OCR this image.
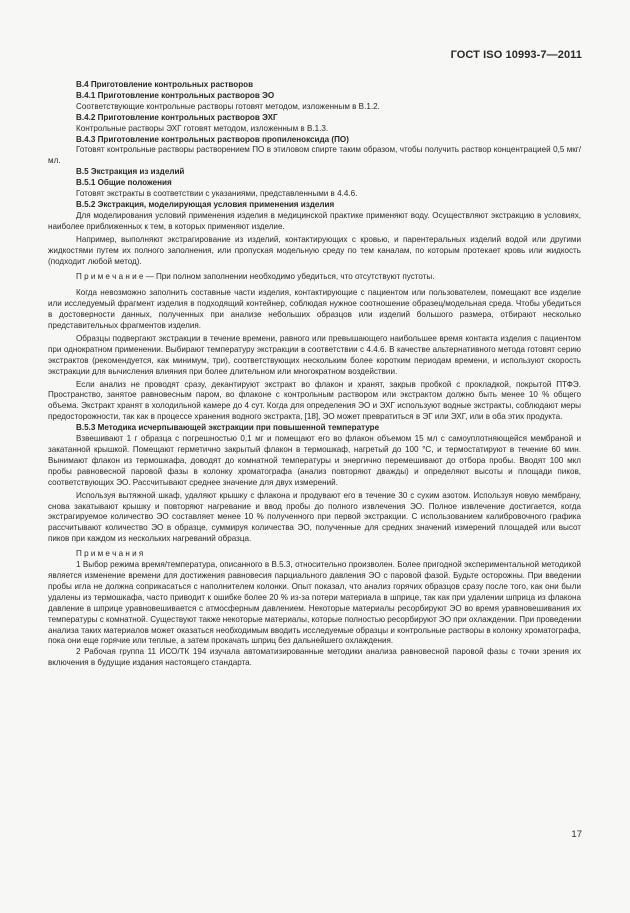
ГОСТ ISO 10993-7—2011

В.4 Приготовление контрольных растворов

В.4.1 Приготовление контрольных растворов ЭО

Соответствующие контрольные растворы готовят методом, изложенным в В.1.2.

В.4.2 Приготовление контрольных растворов ЭХГ

Контрольные растворы ЭХГ готовят методом, изложенным в В.1.3.

В.4.3 Приготовление контрольных растворов пропиленоксида (ПО)

Готовят контрольные растворы растворением ПО в этиловом спирте таким образом, чтобы получить раствор концентрацией 0,5 мкг/мл.

В.5 Экстракция из изделий

В.5.1 Общие положения

Готовят экстракты в соответствии с указаниями, представленными в 4.4.6.

В.5.2 Экстракция, моделирующая условия применения изделия

Для моделирования условий применения изделия в медицинской практике применяют воду. Осуществляют экстракцию в условиях, наиболее приближенных к тем, в которых применяют изделие.

Например, выполняют экстрагирование из изделий, контактирующих с кровью, и парентеральных изделий водой или другими жидкостями путем их полного заполнения, или пропуская модельную среду по тем каналам, по которым протекает кровь или жидкость (подходит любой метод).

П р и м е ч а н и е — При полном заполнении необходимо убедиться, что отсутствуют пустоты.

Когда невозможно заполнить составные части изделия, контактирующие с пациентом или пользователем, помещают все изделие или исследуемый фрагмент изделия в подходящий контейнер, соблюдая нужное соотношение образец/модельная среда. Чтобы убедиться в достоверности данных, полученных при анализе небольших образцов или изделий большого размера, отбирают несколько представительных фрагментов изделия.

Образцы подвергают экстракции в течение времени, равного или превышающего наибольшее время контакта изделия с пациентом при однократном применении. Выбирают температуру экстракции в соответствии с 4.4.6. В качестве альтернативного метода готовят серию экстрактов (рекомендуется, как минимум, три), соответствующих нескольким более коротким периодам времени, и используют скорость экстракции для вычисления влияния при более длительном или многократном воздействии.

Если анализ не проводят сразу, декантируют экстракт во флакон и хранят, закрыв пробкой с прокладкой, покрытой ПТФЭ. Пространство, занятое равновесным паром, во флаконе с контрольным раствором или экстрактом должно быть менее 10 % общего объема. Экстракт хранят в холодильной камере до 4 сут. Когда для определения ЭО и ЭХГ используют водные экстракты, соблюдают меры предосторожности, так как в процессе хранения водного экстракта, [18], ЭО может превратиться в ЭГ или ЭХГ, или в оба этих продукта.

В.5.3 Методика исчерпывающей экстракции при повышенной температуре

Взвешивают 1 г образца с погрешностью 0,1 мг и помещают его во флакон объемом 15 мл с самоуплотняющейся мембраной и закатанной крышкой. Помещают герметично закрытый флакон в термошкаф, нагретый до 100 °С, и термостатируют в течение 60 мин. Вынимают флакон из термошкафа, доводят до комнатной температуры и энергично перемешивают до отбора пробы. Вводят 100 мкл пробы равновесной паровой фазы в колонку хроматографа (анализ повторяют дважды) и определяют высоты и площади пиков, соответствующих ЭО. Рассчитывают среднее значение для двух измерений.

Используя вытяжной шкаф, удаляют крышку с флакона и продувают его в течение 30 с сухим азотом. Используя новую мембрану, снова закатывают крышку и повторяют нагревание и ввод пробы до полного извлечения ЭО. Полное извлечение достигается, когда экстрагируемое количество ЭО составляет менее 10 % полученного при первой экстракции. С использованием калибровочного графика рассчитывают количество ЭО в образце, суммируя количества ЭО, полученные для средних значений измерений площадей или высот пиков при каждом из нескольких нагреваний образца.

П р и м е ч а н и я

1 Выбор режима время/температура, описанного в В.5.3, относительно произволен. Более пригодной экспериментальной методикой является изменение времени для достижения равновесия парциального давления ЭО с паровой фазой. Будьте осторожны. При введении пробы игла не должна соприкасаться с наполнителем колонки. Опыт показал, что анализ горячих образцов сразу после того, как они были удалены из термошкафа, часто приводит к ошибке более 20 % из-за потери материала в шприце, так как при удалении шприца из флакона давление в шприце уравновешивается с атмосферным давлением. Некоторые материалы ресорбируют ЭО во время уравновешивания их температуры с комнатной. Существуют также некоторые материалы, которые полностью ресорбируют ЭО при охлаждении. При проведении анализа таких материалов может оказаться необходимым вводить исследуемые образцы и контрольные растворы в колонку хроматографа, пока они еще горячие или теплые, а затем прокачать шприц без дальнейшего охлаждения.

2 Рабочая группа 11 ИСО/ТК 194 изучала автоматизированные методики анализа равновесной паровой фазы с точки зрения их включения в будущие издания настоящего стандарта.

17
